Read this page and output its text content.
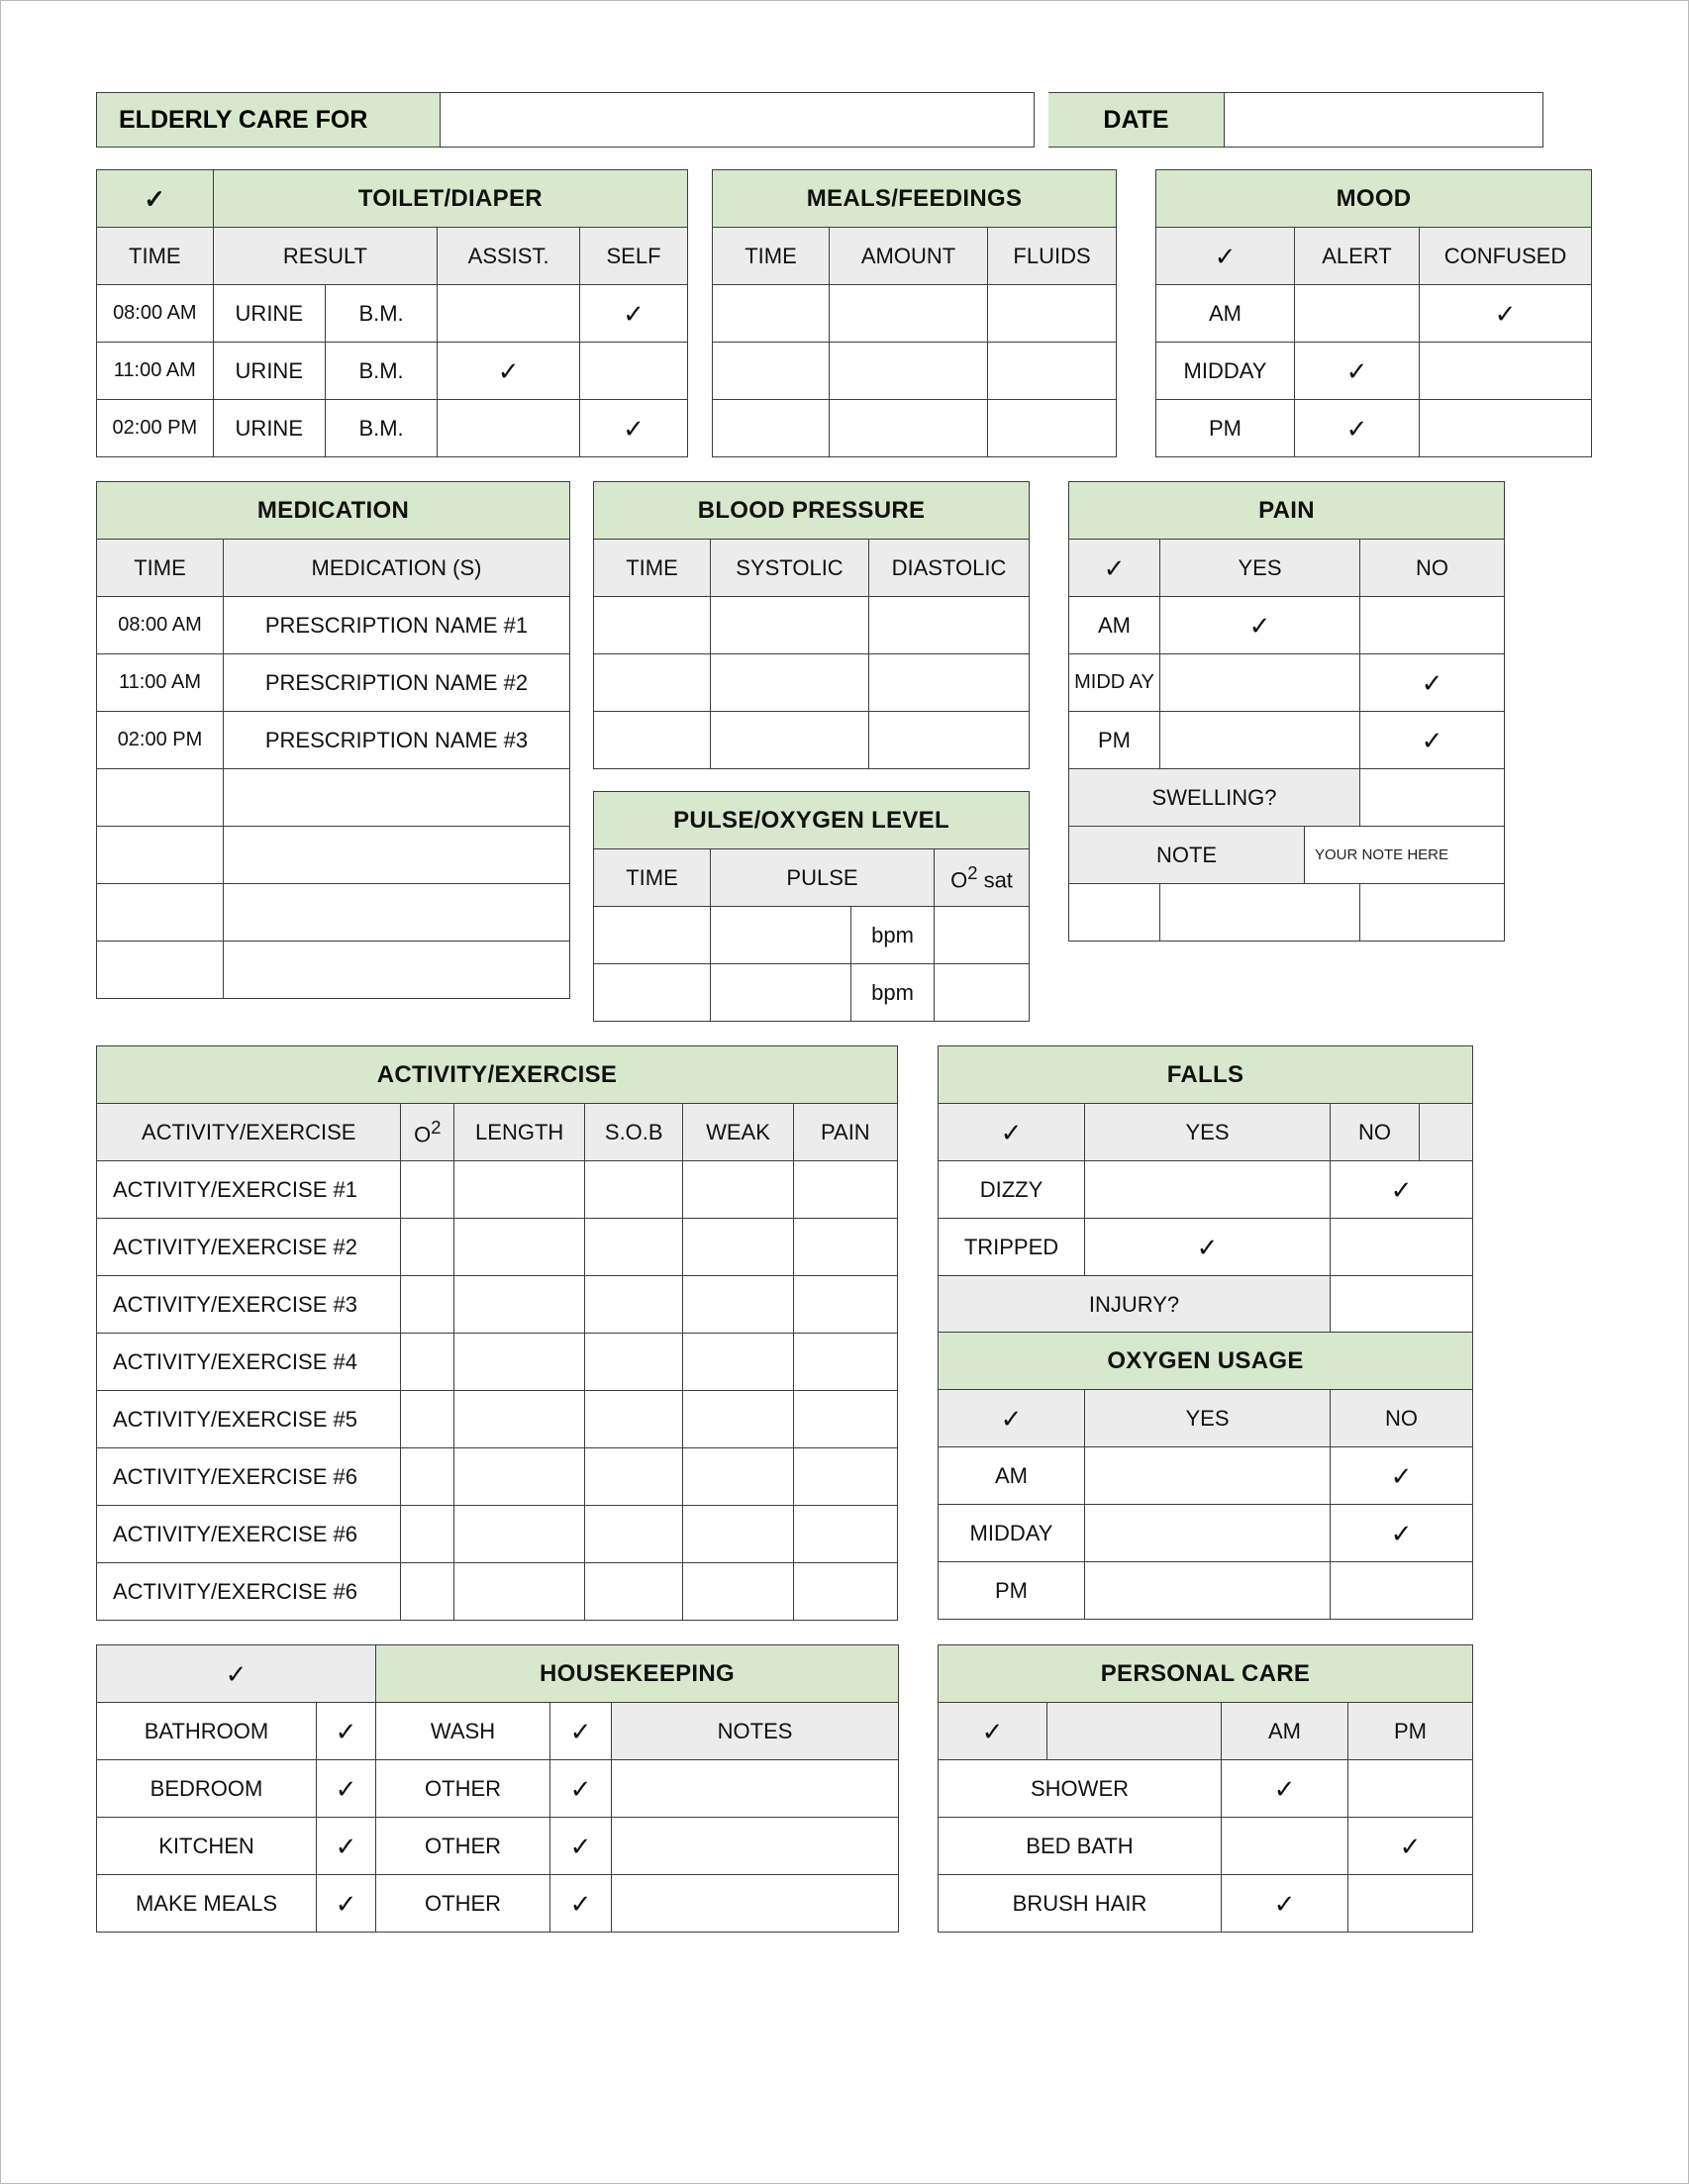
ELDERLY CARE FOR	DATE
✓	TOILET/DIAPER			
TIME	RESULT		ASSIST.	SELF
08:00 AM	URINE	B.M.		✓
11:00 AM	URINE	B.M.	✓	
02:00 PM	URINE	B.M.		✓
MEALS/FEEDINGS		
TIME	AMOUNT	FLUIDS

MOOD		
✓	ALERT	CONFUSED
AM		✓
MIDDAY	✓	
PM	✓	
MEDICATION	
TIME	MEDICATION (S)
08:00 AM	PRESCRIPTION NAME #1
11:00 AM	PRESCRIPTION NAME #2
02:00 PM	PRESCRIPTION NAME #3

BLOOD PRESSURE		
TIME	SYSTOLIC	DIASTOLIC

PULSE/OXYGEN LEVEL			
TIME	PULSE		$O^2$ sat
		bpm	
		bpm	
PAIN			
✓	YES		NO
AM	✓		
MIDD AY			✓
PM			✓
SWELLING?			
NOTE		YOUR NOTE HERE	

ACTIVITY/EXERCISE					
ACTIVITY/EXERCISE	$O^2$	LENGTH	S.O.B	WEAK	PAIN
ACTIVITY/EXERCISE #1					
ACTIVITY/EXERCISE #2					
ACTIVITY/EXERCISE #3					
ACTIVITY/EXERCISE #4					
ACTIVITY/EXERCISE #5					
ACTIVITY/EXERCISE #6					
ACTIVITY/EXERCISE #6					
ACTIVITY/EXERCISE #6					
FALLS			
✓	YES	NO	
DIZZY		✓	
TRIPPED	✓		
INJURY?			
OXYGEN USAGE		
✓	YES	NO
AM		✓
MIDDAY		✓
PM		
✓		HOUSEKEEPING		
BATHROOM	✓	WASH	✓	NOTES
BEDROOM	✓	OTHER	✓	
KITCHEN	✓	OTHER	✓	
MAKE MEALS	✓	OTHER	✓	
PERSONAL CARE			
✓		AM	PM
SHOWER		✓	
BED BATH			✓
BRUSH HAIR		✓	
